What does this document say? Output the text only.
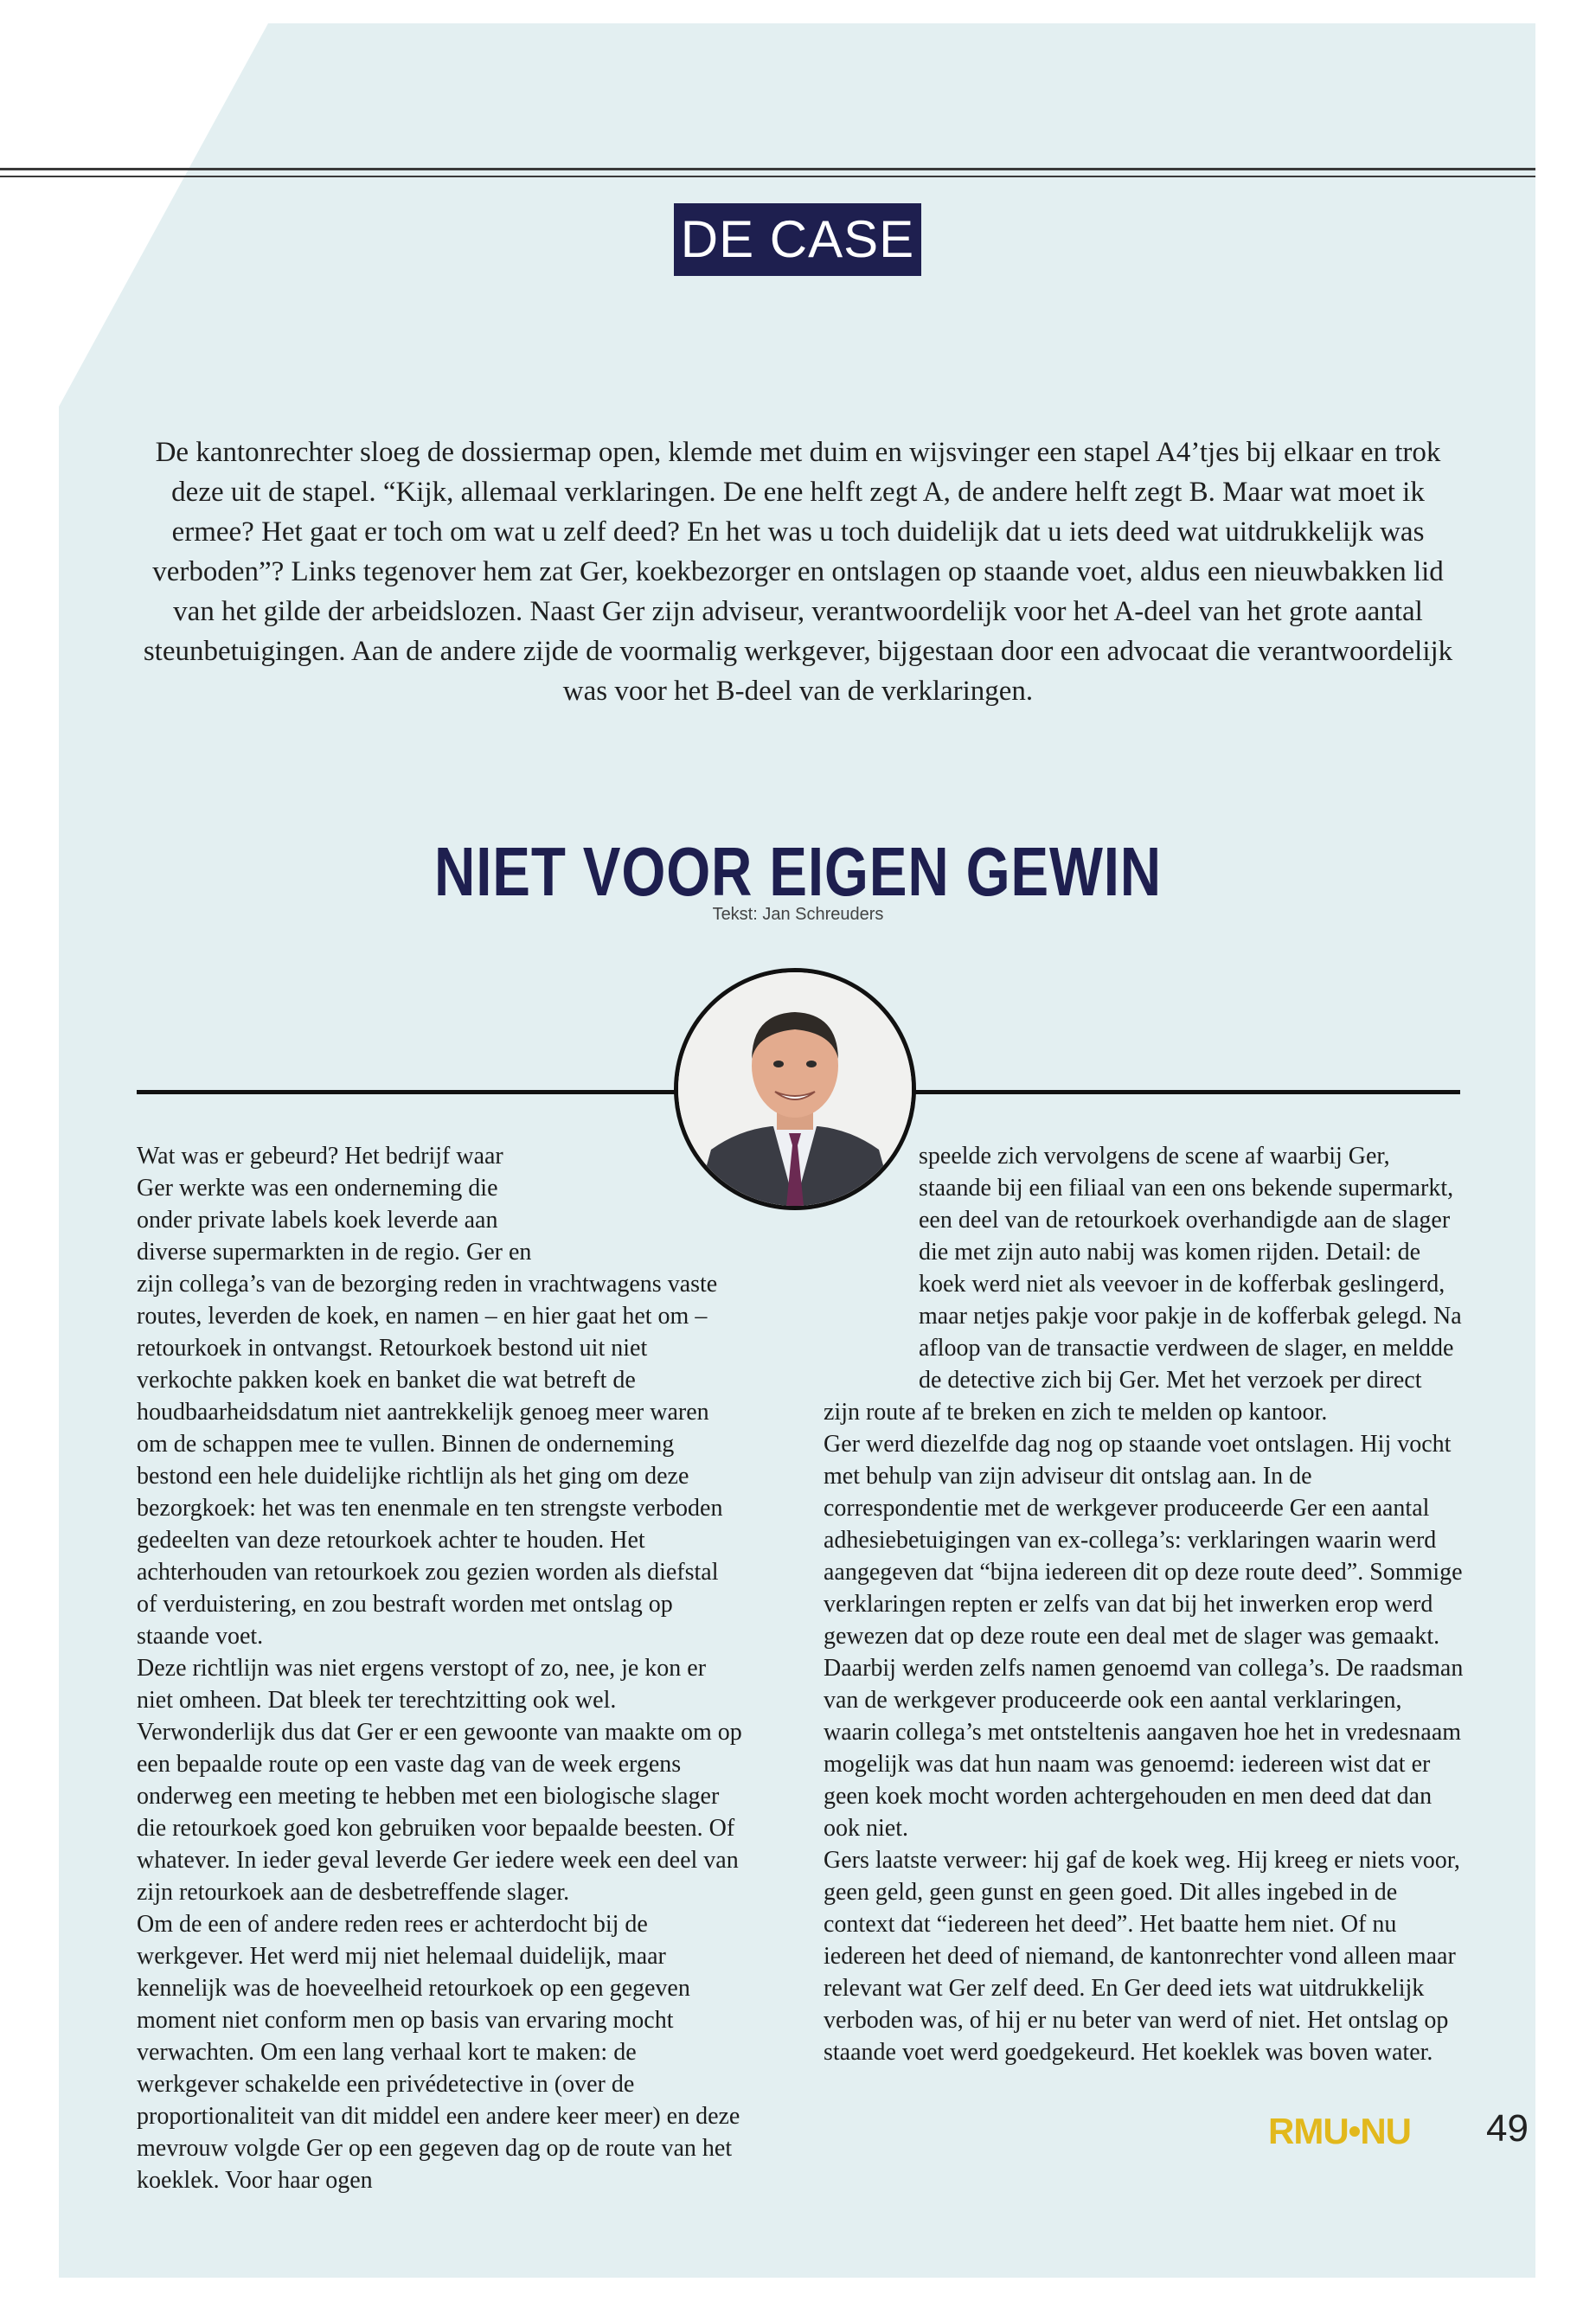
DE CASE

De kantonrechter sloeg de dossiermap open, klemde met duim en wijsvinger een stapel A4’tjes bij elkaar en trok deze uit de stapel. “Kijk, allemaal verklaringen. De ene helft zegt A, de andere helft zegt B. Maar wat moet ik ermee? Het gaat er toch om wat u zelf deed? En het was u toch duidelijk dat u iets deed wat uitdrukkelijk was verboden”? Links tegenover hem zat Ger, koekbezorger en ontslagen op staande voet, aldus een nieuwbakken lid van het gilde der arbeidslozen. Naast Ger zijn adviseur, verantwoordelijk voor het A-deel van het grote aantal steunbetuigingen. Aan de andere zijde de voormalig werkgever, bijgestaan door een advocaat die verantwoordelijk was voor het B-deel van de verklaringen.

NIET VOOR EIGEN GEWIN
Tekst: Jan Schreuders

Wat was er gebeurd? Het bedrijf waar Ger werkte was een onderneming die onder private labels koek leverde aan diverse supermarkten in de regio. Ger en zijn collega’s van de bezorging reden in vrachtwagens vaste routes, leverden de koek, en namen – en hier gaat het om – retourkoek in ontvangst. Retourkoek bestond uit niet verkochte pakken koek en banket die wat betreft de houdbaarheidsdatum niet aantrekkelijk genoeg meer waren om de schappen mee te vullen. Binnen de onderneming bestond een hele duidelijke richtlijn als het ging om deze bezorgkoek: het was ten enenmale en ten strengste verboden gedeelten van deze retourkoek achter te houden. Het achterhouden van retourkoek zou gezien worden als diefstal of verduistering, en zou bestraft worden met ontslag op staande voet.

Deze richtlijn was niet ergens verstopt of zo, nee, je kon er niet omheen. Dat bleek ter terechtzitting ook wel. Verwonderlijk dus dat Ger er een gewoonte van maakte om op een bepaalde route op een vaste dag van de week ergens onderweg een meeting te hebben met een biologische slager die retourkoek goed kon gebruiken voor bepaalde beesten. Of whatever. In ieder geval leverde Ger iedere week een deel van zijn retourkoek aan de desbetreffende slager.

Om de een of andere reden rees er achterdocht bij de werkgever. Het werd mij niet helemaal duidelijk, maar kennelijk was de hoeveelheid retourkoek op een gegeven moment niet conform men op basis van ervaring mocht verwachten. Om een lang verhaal kort te maken: de werkgever schakelde een privédetective in (over de proportionaliteit van dit middel een andere keer meer) en deze mevrouw volgde Ger op een gegeven dag op de route van het koeklek. Voor haar ogen

speelde zich vervolgens de scene af waarbij Ger, staande bij een filiaal van een ons bekende supermarkt, een deel van de retourkoek overhandigde aan de slager die met zijn auto nabij was komen rijden. Detail: de koek werd niet als veevoer in de kofferbak geslingerd, maar netjes pakje voor pakje in de kofferbak gelegd. Na afloop van de transactie verdween de slager, en meldde de detective zich bij Ger. Met het verzoek per direct zijn route af te breken en zich te melden op kantoor.

Ger werd diezelfde dag nog op staande voet ontslagen. Hij vocht met behulp van zijn adviseur dit ontslag aan. In de correspondentie met de werkgever produceerde Ger een aantal adhesiebetuigingen van ex-collega’s: verklaringen waarin werd aangegeven dat “bijna iedereen dit op deze route deed”. Sommige verklaringen repten er zelfs van dat bij het inwerken erop werd gewezen dat op deze route een deal met de slager was gemaakt. Daarbij werden zelfs namen genoemd van collega’s. De raadsman van de werkgever produceerde ook een aantal verklaringen, waarin collega’s met ontsteltenis aangaven hoe het in vredesnaam mogelijk was dat hun naam was genoemd: iedereen wist dat er geen koek mocht worden achtergehouden en men deed dat dan ook niet.

Gers laatste verweer: hij gaf de koek weg. Hij kreeg er niets voor, geen geld, geen gunst en geen goed. Dit alles ingebed in de context dat “iedereen het deed”. Het baatte hem niet. Of nu iedereen het deed of niemand, de kantonrechter vond alleen maar relevant wat Ger zelf deed. En Ger deed iets wat uitdrukkelijk verboden was, of hij er nu beter van werd of niet. Het ontslag op staande voet werd goedgekeurd. Het koeklek was boven water.

RMU•NU 49
